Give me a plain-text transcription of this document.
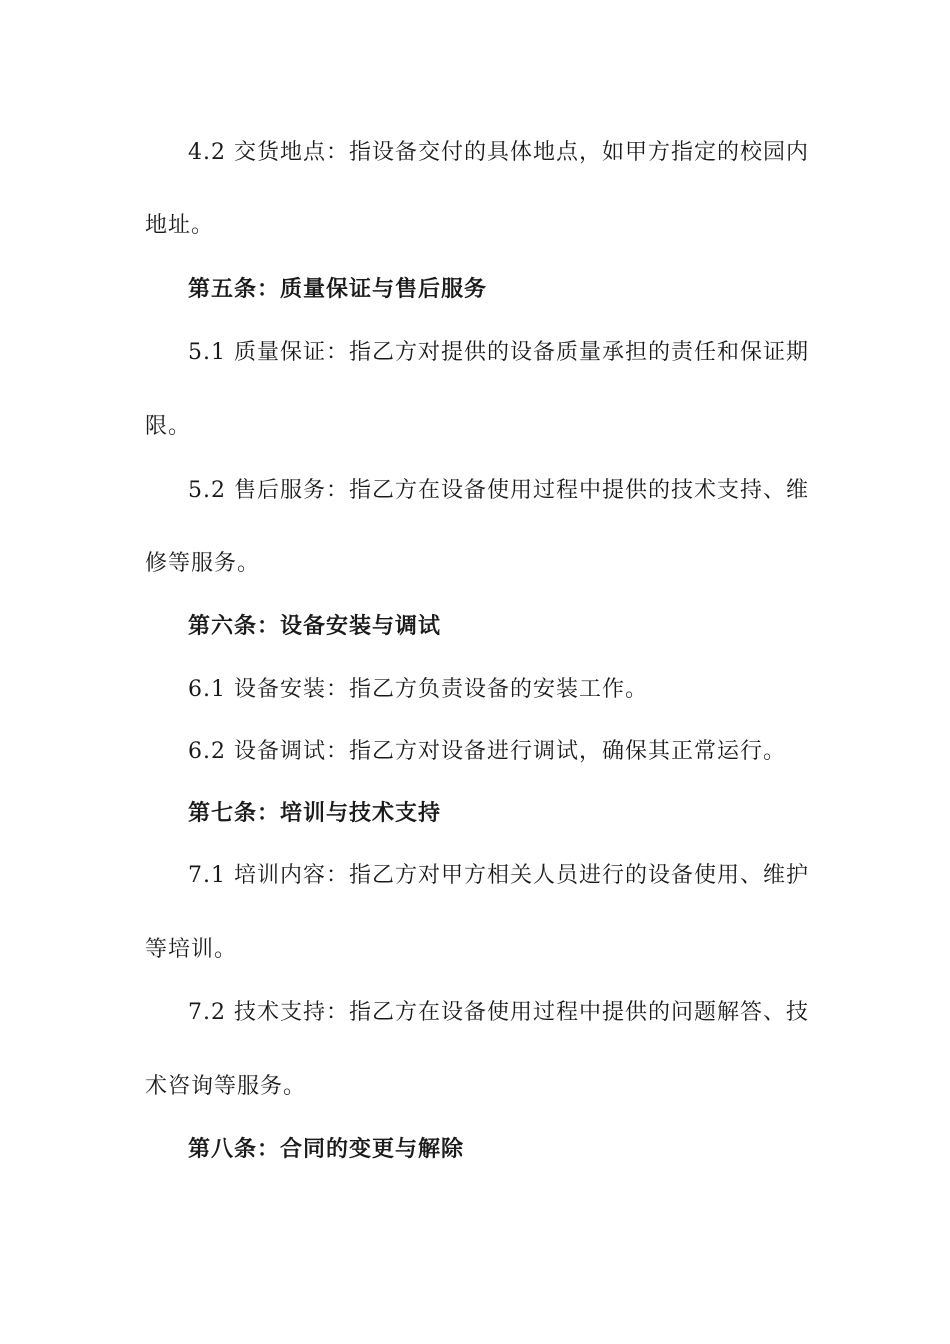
4.2 交货地点：指设备交付的具体地点，如甲方指定的校园内
地址。
第五条：质量保证与售后服务
5.1 质量保证：指乙方对提供的设备质量承担的责任和保证期
限。
5.2 售后服务：指乙方在设备使用过程中提供的技术支持、维
修等服务。
第六条：设备安装与调试
6.1 设备安装：指乙方负责设备的安装工作。
6.2 设备调试：指乙方对设备进行调试，确保其正常运行。
第七条：培训与技术支持
7.1 培训内容：指乙方对甲方相关人员进行的设备使用、维护
等培训。
7.2 技术支持：指乙方在设备使用过程中提供的问题解答、技
术咨询等服务。
第八条：合同的变更与解除
